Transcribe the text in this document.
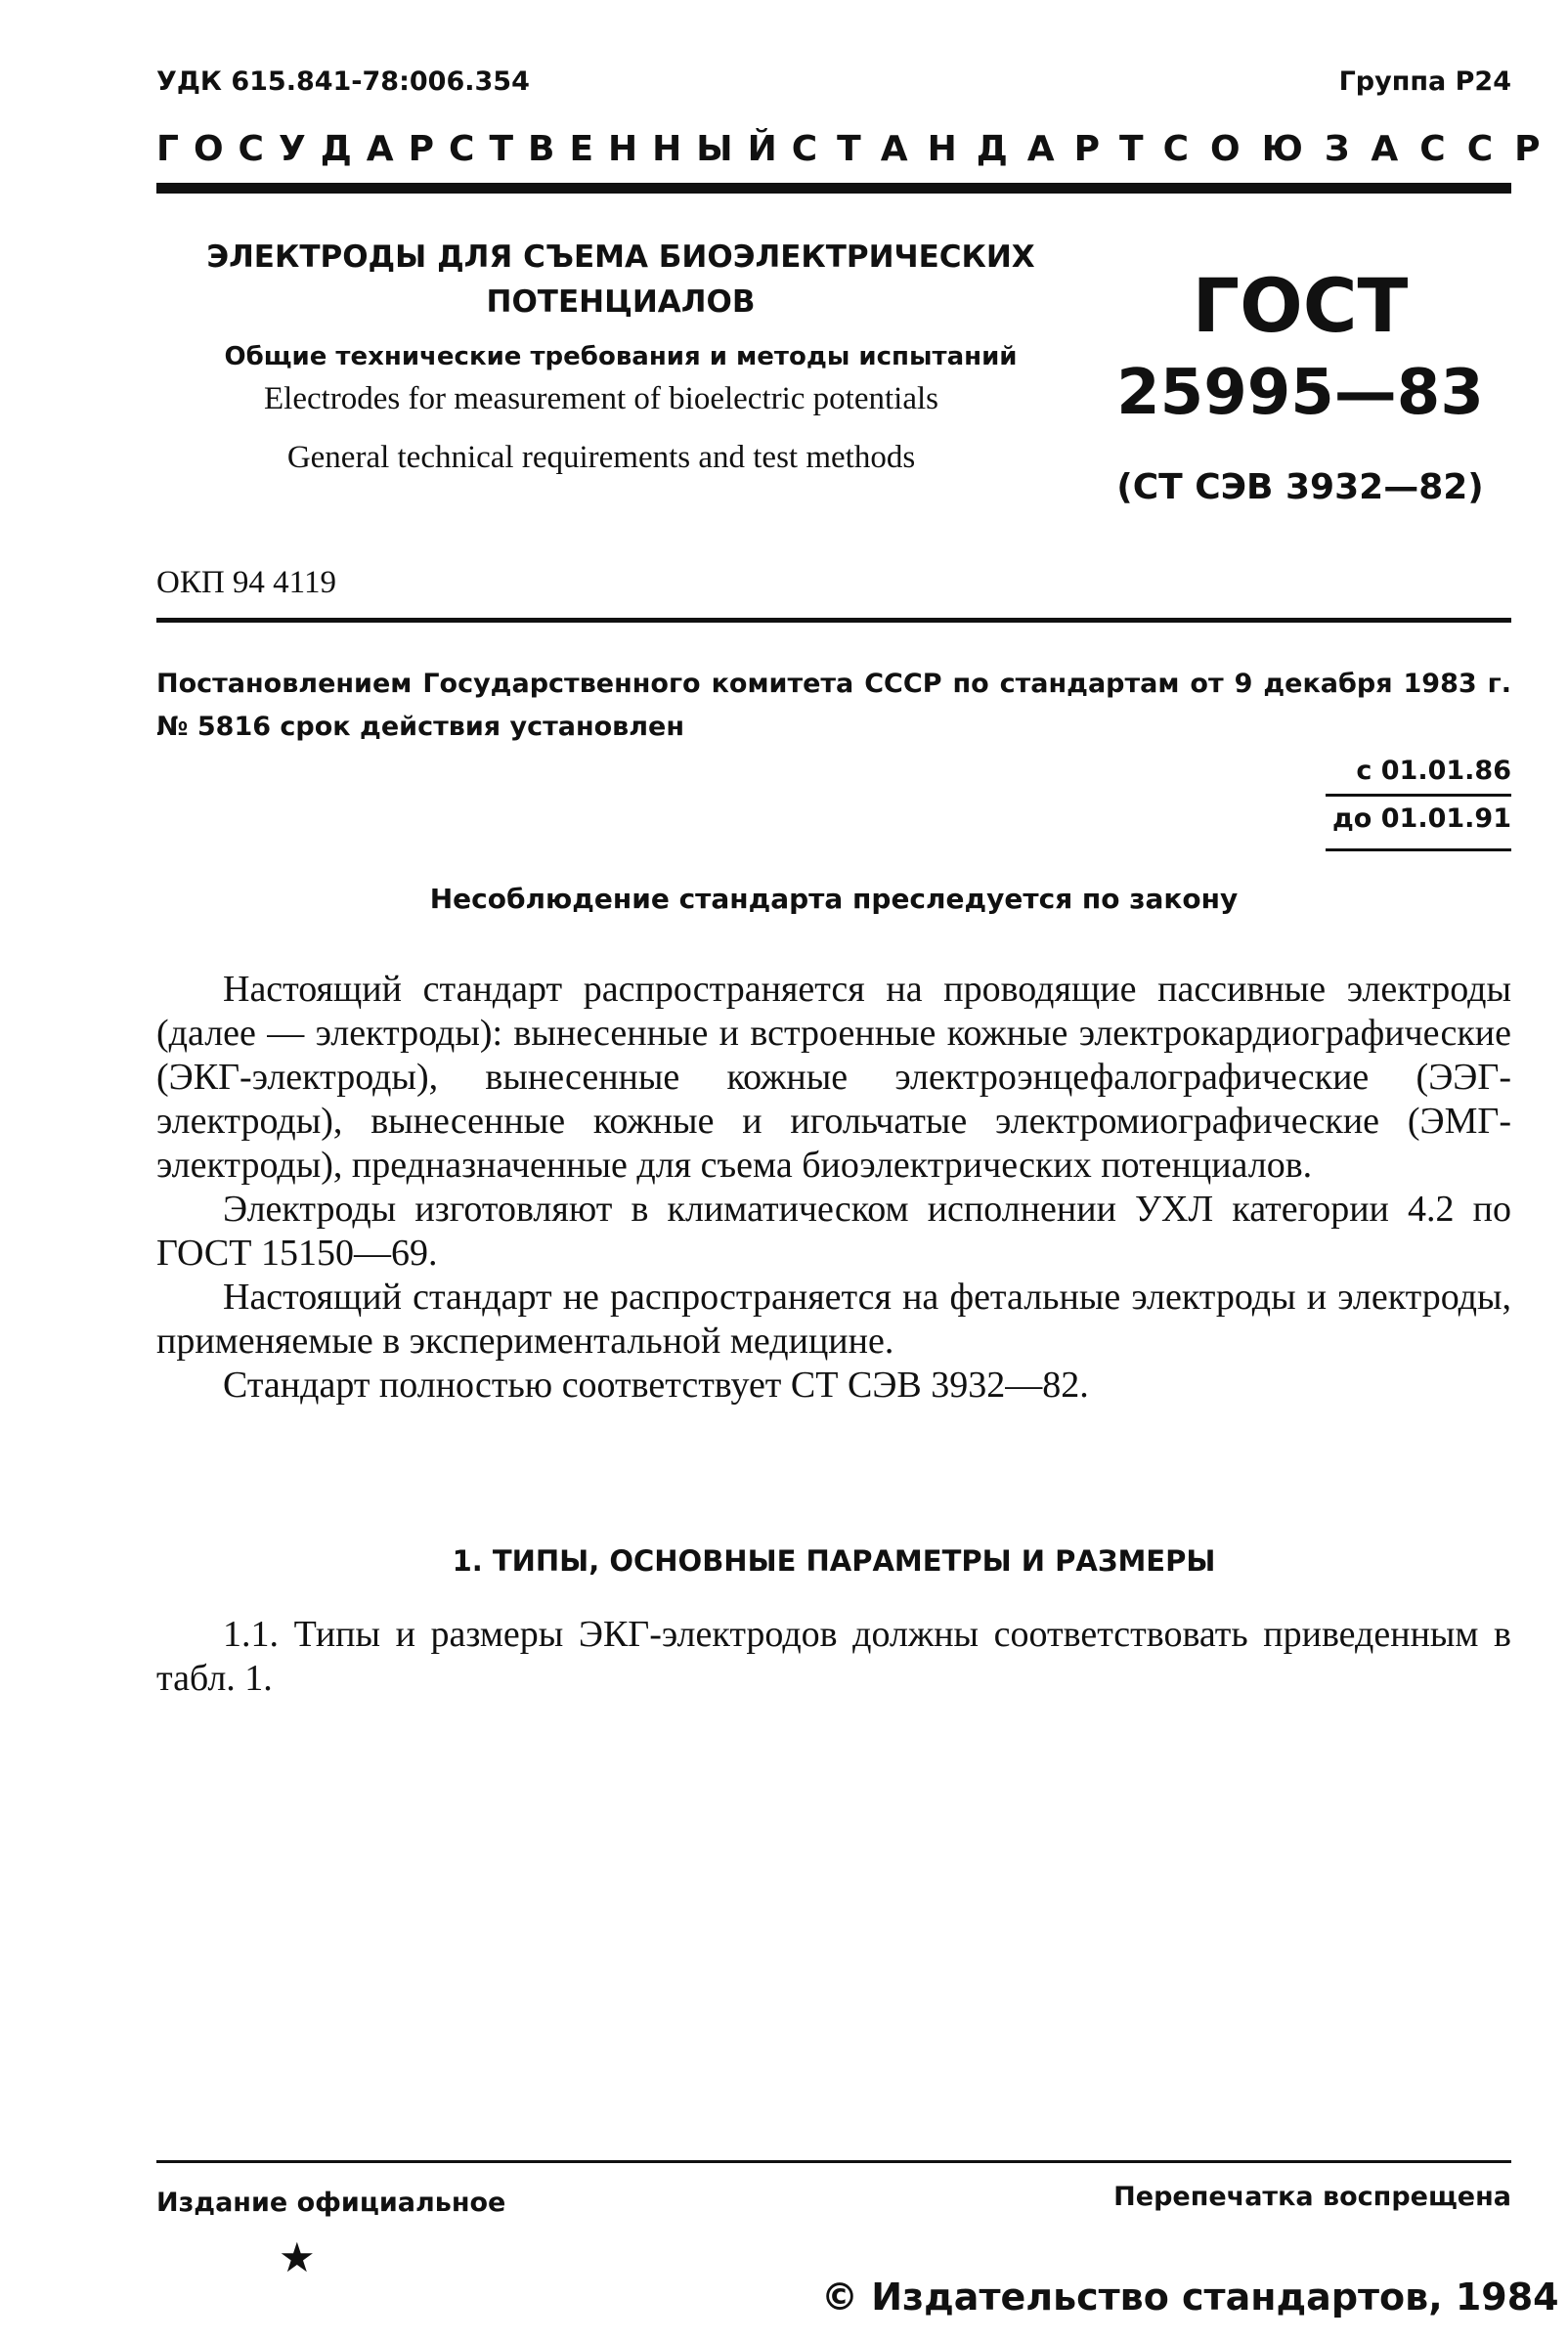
УДК 615.841-78:006.354	Группа Р24
ГОСУДАРСТВЕННЫЙ СТАНДАРТ СОЮЗА ССР
ЭЛЕКТРОДЫ ДЛЯ СЪЕМА БИОЭЛЕКТРИЧЕСКИХ ПОТЕНЦИАЛОВ
Общие технические требования и методы испытаний
Electrodes for measurement of bioelectric potentials
General technical requirements and test methods
ГОСТ
25995—83
(СТ СЭВ 3932—82)
ОКП 94 4119
Постановлением Государственного комитета СССР по стандартам от 9 декабря 1983 г. № 5816 срок действия установлен
с 01.01.86
до 01.01.91
Несоблюдение стандарта преследуется по закону

Настоящий стандарт распространяется на проводящие пассивные электроды (далее — электроды): вынесенные и встроенные кожные электрокардиографические (ЭКГ-электроды), вынесенные кожные электроэнцефалографические (ЭЭГ-электроды), вынесенные кожные и игольчатые электромиографические (ЭМГ-электроды), предназначенные для съема биоэлектрических потенциалов.

Электроды изготовляют в климатическом исполнении УХЛ категории 4.2 по ГОСТ 15150—69.

Настоящий стандарт не распространяется на фетальные электроды и электроды, применяемые в экспериментальной медицине.

Стандарт полностью соответствует СТ СЭВ 3932—82.

1. ТИПЫ, ОСНОВНЫЕ ПАРАМЕТРЫ И РАЗМЕРЫ

1.1. Типы и размеры ЭКГ-электродов должны соответствовать приведенным в табл. 1.

Издание официальное	Перепечатка воспрещена
★
© Издательство стандартов, 1984
